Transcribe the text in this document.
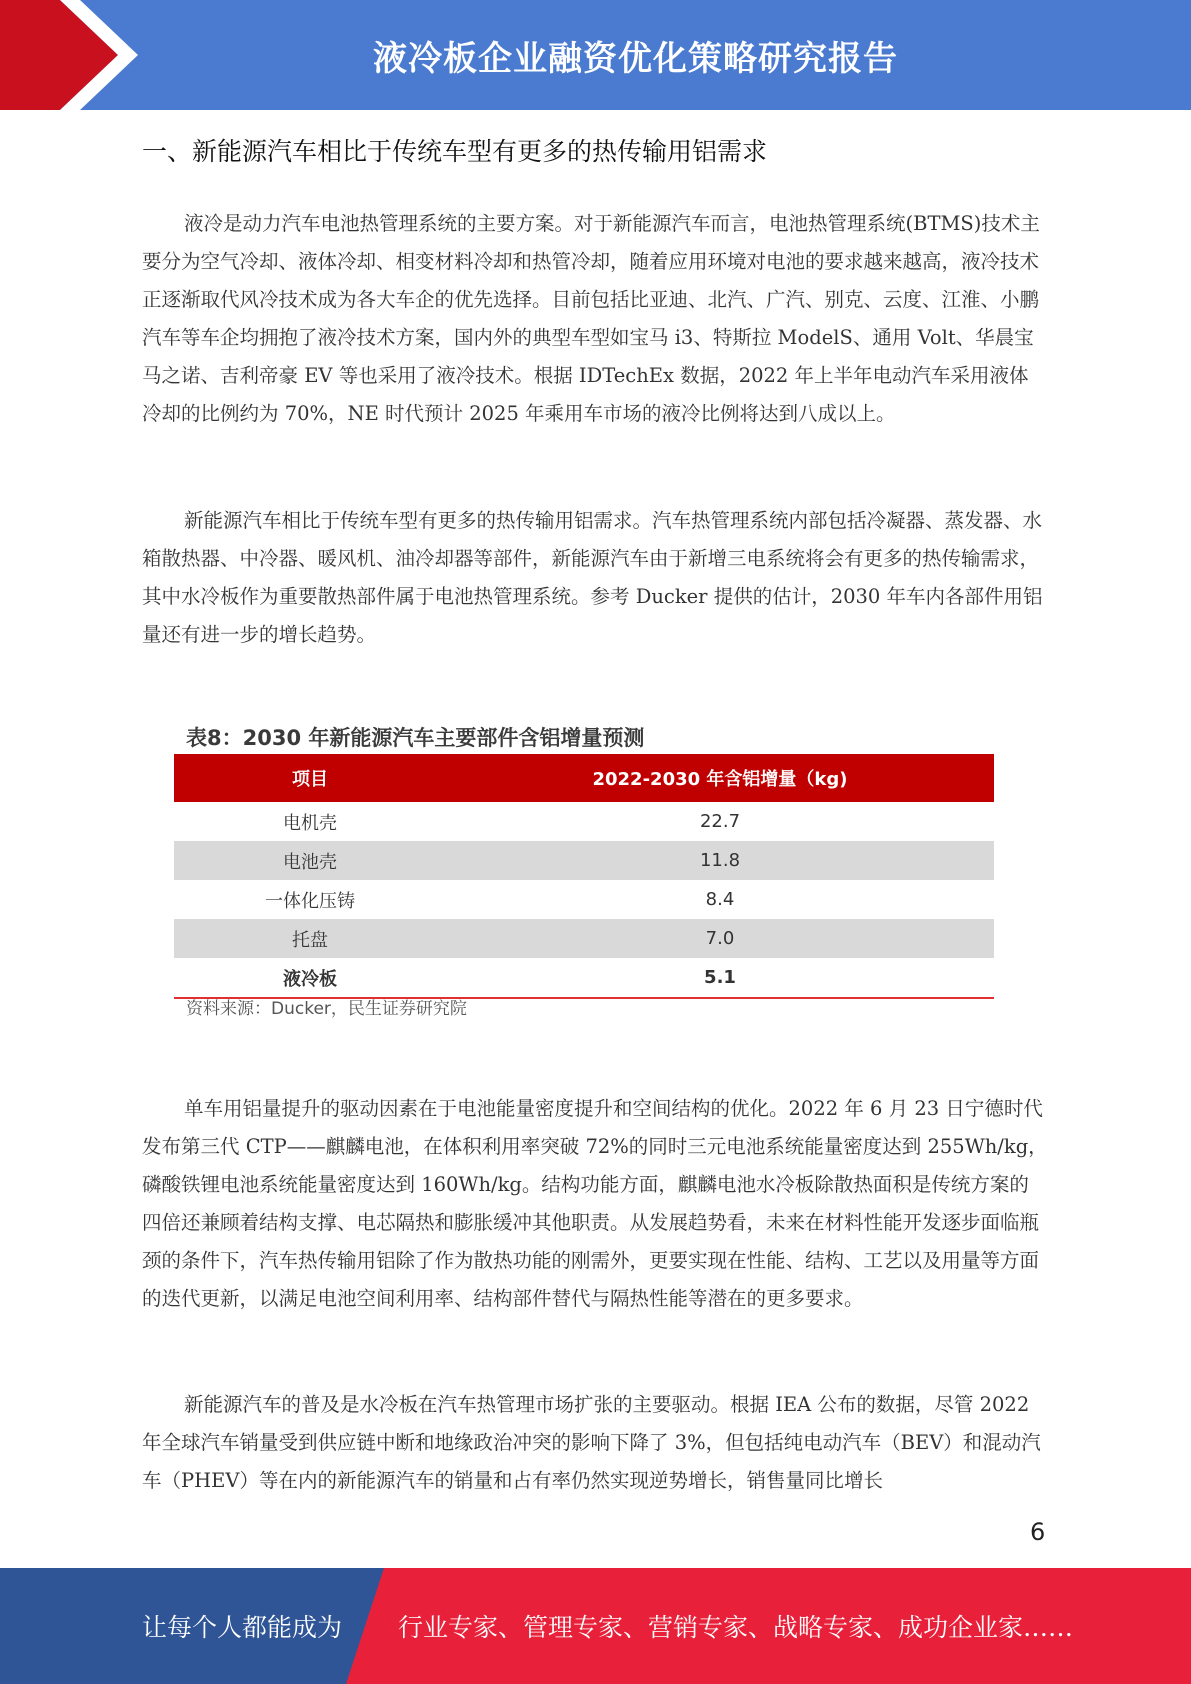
液冷板企业融资优化策略研究报告
一、新能源汽车相比于传统车型有更多的热传输用铝需求

液冷是动力汽车电池热管理系统的主要方案。对于新能源汽车而言，电池热管理系统(BTMS)技术主要分为空气冷却、液体冷却、相变材料冷却和热管冷却，随着应用环境对电池的要求越来越高，液冷技术正逐渐取代风冷技术成为各大车企的优先选择。目前包括比亚迪、北汽、广汽、别克、云度、江淮、小鹏汽车等车企均拥抱了液冷技术方案，国内外的典型车型如宝马 i3、特斯拉 ModelS、通用 Volt、华晨宝马之诺、吉利帝豪 EV 等也采用了液冷技术。根据 IDTechEx 数据，2022 年上半年电动汽车采用液体冷却的比例约为 70%，NE 时代预计 2025 年乘用车市场的液冷比例将达到八成以上。

新能源汽车相比于传统车型有更多的热传输用铝需求。汽车热管理系统内部包括冷凝器、蒸发器、水箱散热器、中冷器、暖风机、油冷却器等部件，新能源汽车由于新增三电系统将会有更多的热传输需求，其中水冷板作为重要散热部件属于电池热管理系统。参考 Ducker 提供的估计，2030 年车内各部件用铝量还有进一步的增长趋势。

表8：2030 年新能源汽车主要部件含铝增量预测
项目	2022-2030 年含铝增量（kg)
电机壳	22.7
电池壳	11.8
一体化压铸	8.4
托盘	7.0
液冷板	5.1
资料来源：Ducker，民生证券研究院

单车用铝量提升的驱动因素在于电池能量密度提升和空间结构的优化。2022 年 6 月 23 日宁德时代发布第三代 CTP——麒麟电池，在体积利用率突破 72%的同时三元电池系统能量密度达到 255Wh/kg，磷酸铁锂电池系统能量密度达到 160Wh/kg。结构功能方面，麒麟电池水冷板除散热面积是传统方案的四倍还兼顾着结构支撑、电芯隔热和膨胀缓冲其他职责。从发展趋势看，未来在材料性能开发逐步面临瓶颈的条件下，汽车热传输用铝除了作为散热功能的刚需外，更要实现在性能、结构、工艺以及用量等方面的迭代更新，以满足电池空间利用率、结构部件替代与隔热性能等潜在的更多要求。

新能源汽车的普及是水冷板在汽车热管理市场扩张的主要驱动。根据 IEA 公布的数据，尽管 2022 年全球汽车销量受到供应链中断和地缘政治冲突的影响下降了 3%，但包括纯电动汽车（BEV）和混动汽车（PHEV）等在内的新能源汽车的销量和占有率仍然实现逆势增长，销售量同比增长

6
让每个人都能成为 行业专家、管理专家、营销专家、战略专家、成功企业家……
